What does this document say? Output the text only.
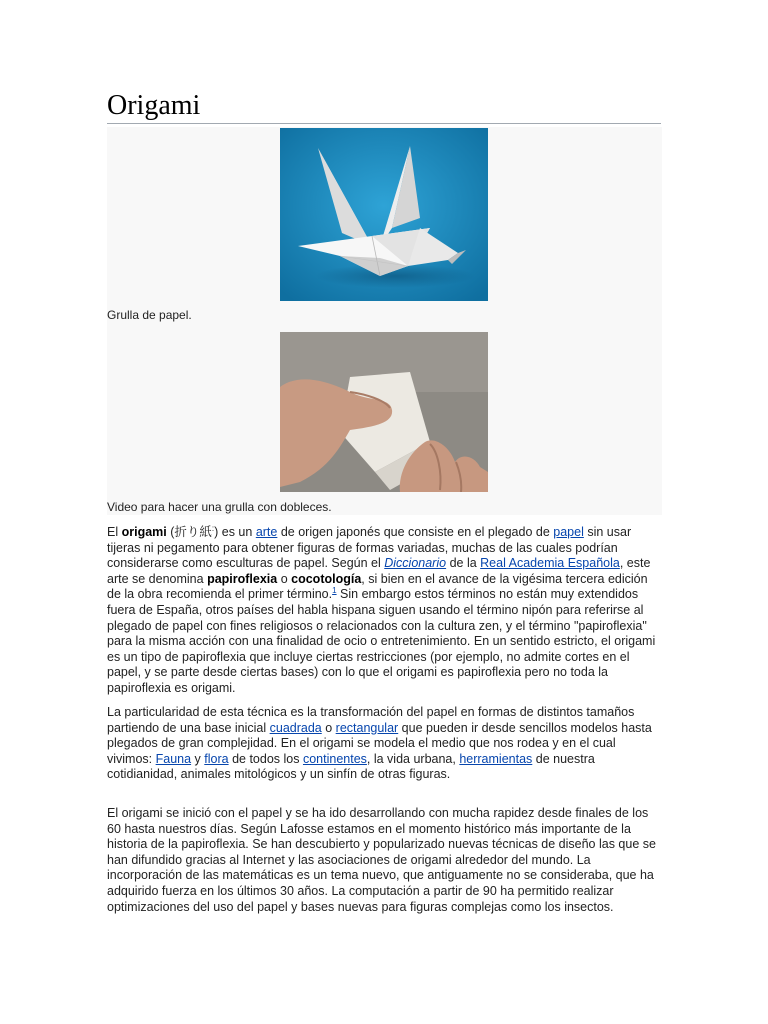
Origami
Grulla de papel.
Video para hacer una grulla con dobleces.

El origami (折り紙:) es un arte de origen japonés que consiste en el plegado de papel sin usar tijeras ni pegamento para obtener figuras de formas variadas, muchas de las cuales podrían considerarse como esculturas de papel. Según el Diccionario de la Real Academia Española, este arte se denomina papiroflexia o cocotología, si bien en el avance de la vigésima tercera edición de la obra recomienda el primer término.$^1$ Sin embargo estos términos no están muy extendidos fuera de España, otros países del habla hispana siguen usando el término nipón para referirse al plegado de papel con fines religiosos o relacionados con la cultura zen, y el término "papiroflexia" para la misma acción con una finalidad de ocio o entretenimiento. En un sentido estricto, el origami es un tipo de papiroflexia que incluye ciertas restricciones (por ejemplo, no admite cortes en el papel, y se parte desde ciertas bases) con lo que el origami es papiroflexia pero no toda la papiroflexia es origami.

La particularidad de esta técnica es la transformación del papel en formas de distintos tamaños partiendo de una base inicial cuadrada o rectangular que pueden ir desde sencillos modelos hasta plegados de gran complejidad. En el origami se modela el medio que nos rodea y en el cual vivimos: Fauna y flora de todos los continentes, la vida urbana, herramientas de nuestra cotidianidad, animales mitológicos y un sinfín de otras figuras.

El origami se inició con el papel y se ha ido desarrollando con mucha rapidez desde finales de los 60 hasta nuestros días. Según Lafosse estamos en el momento histórico más importante de la historia de la papiroflexia. Se han descubierto y popularizado nuevas técnicas de diseño las que se han difundido gracias al Internet y las asociaciones de origami alrededor del mundo. La incorporación de las matemáticas es un tema nuevo, que antiguamente no se consideraba, que ha adquirido fuerza en los últimos 30 años. La computación a partir de 90 ha permitido realizar optimizaciones del uso del papel y bases nuevas para figuras complejas como los insectos.
